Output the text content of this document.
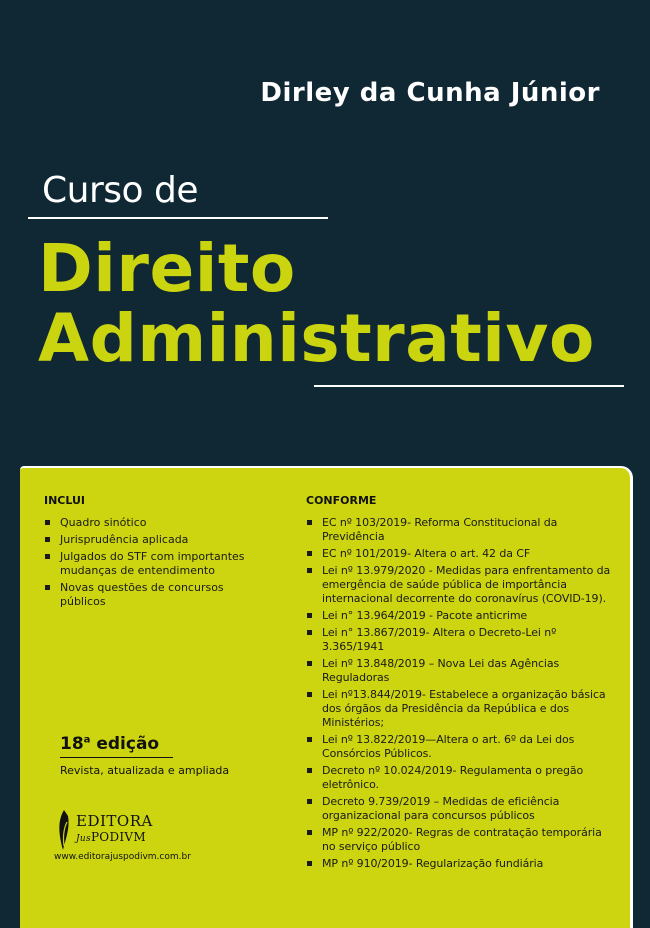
Dirley da Cunha Júnior
Curso de
Direito
Administrativo
INCLUI
Quadro sinótico
Jurisprudência aplicada
Julgados do STF com importantes mudanças de entendimento
Novas questões de concursos públicos
CONFORME
EC nº 103/2019- Reforma Constitucional da Previdência
EC nº 101/2019- Altera o art. 42 da CF
Lei nº 13.979/2020 - Medidas para enfrentamento da emergência de saúde pública de importância internacional decorrente do coronavírus (COVID-19).
Lei n° 13.964/2019 - Pacote anticrime
Lei n° 13.867/2019- Altera o Decreto-Lei nº 3.365/1941
Lei nº 13.848/2019 – Nova Lei das Agências Reguladoras
Lei nº13.844/2019- Estabelece a organização básica dos órgãos da Presidência da República e dos Ministérios;
Lei nº 13.822/2019—Altera o art. 6º da Lei dos Consórcios Públicos.
Decreto nº 10.024/2019- Regulamenta o pregão eletrônico.
Decreto 9.739/2019 – Medidas de eficiência organizacional para concursos públicos
MP nº 922/2020- Regras de contratação temporária no serviço público
MP nº 910/2019- Regularização fundiária
18$^a$ edição
Revista, atualizada e ampliada
EDITORA
JusPODIVM
www.editorajuspodivm.com.br
